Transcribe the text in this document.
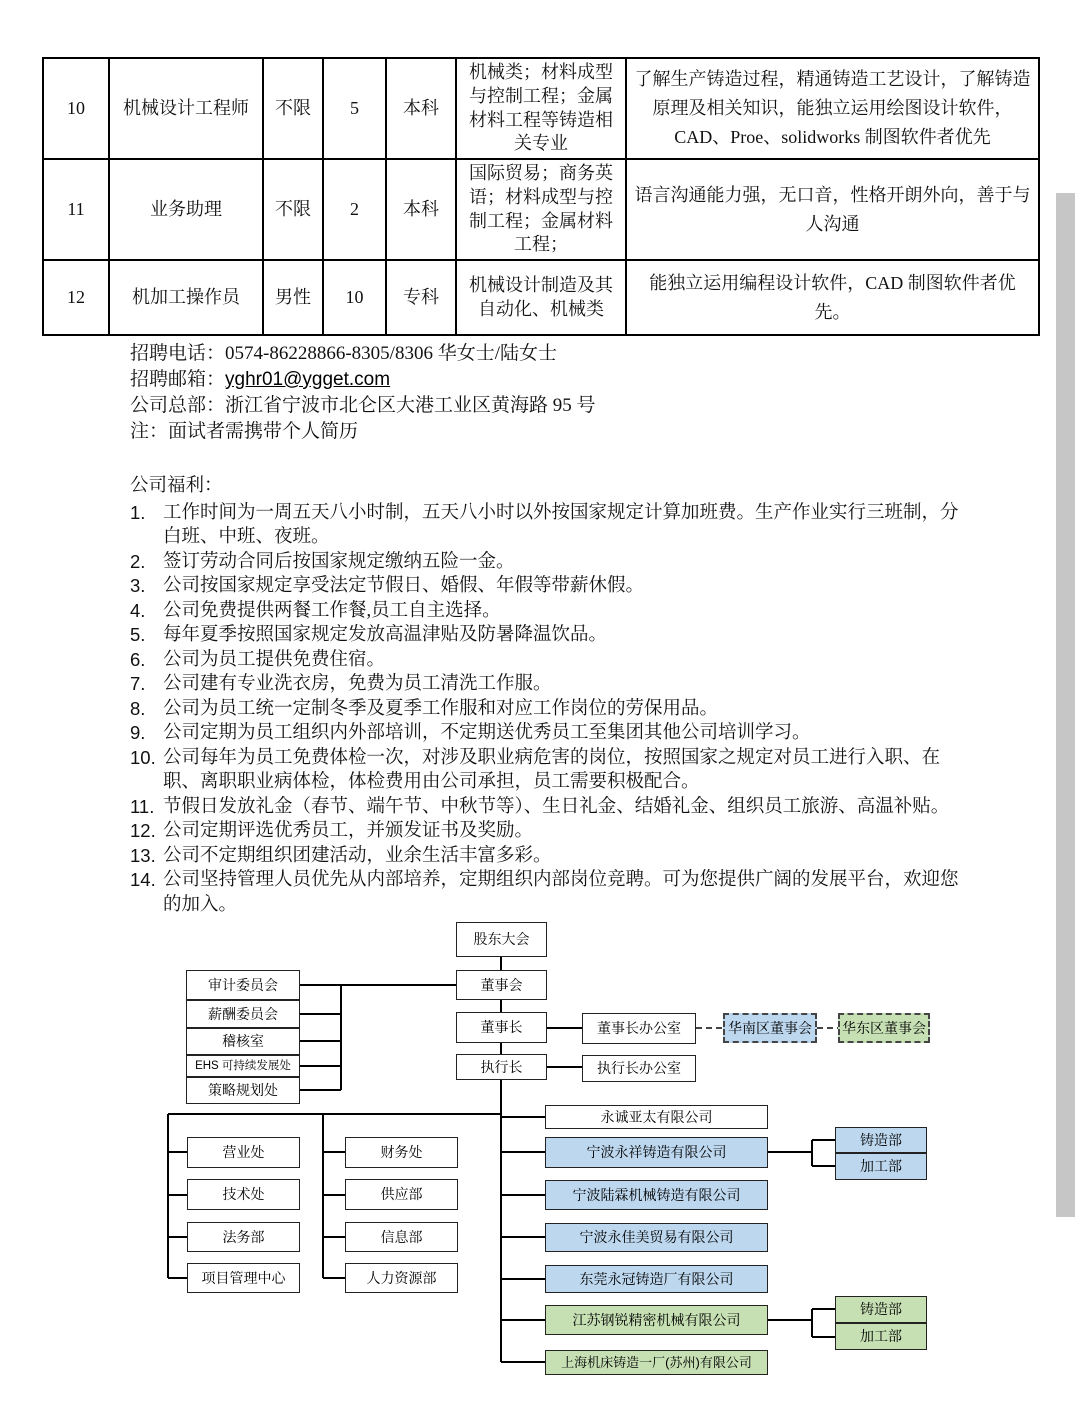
10	机械设计工程师	不限	5	本科	机械类；材料成型与控制工程；金属材料工程等铸造相关专业	了解生产铸造过程，精通铸造工艺设计，了解铸造原理及相关知识，能独立运用绘图设计软件，CAD、Proe、solidworks 制图软件者优先
11	业务助理	不限	2	本科	国际贸易；商务英语；材料成型与控制工程；金属材料工程；	语言沟通能力强，无口音，性格开朗外向，善于与人沟通
12	机加工操作员	男性	10	专科	机械设计制造及其自动化、机械类	能独立运用编程设计软件，CAD 制图软件者优先。
招聘电话：0574-86228866-8305/8306 华女士/陆女士
招聘邮箱：yghr01@ygget.com
公司总部：浙江省宁波市北仑区大港工业区黄海路 95 号
注：面试者需携带个人简历
公司福利：
1. 工作时间为一周五天八小时制，五天八小时以外按国家规定计算加班费。生产作业实行三班制，分白班、中班、夜班。
2. 签订劳动合同后按国家规定缴纳五险一金。
3. 公司按国家规定享受法定节假日、婚假、年假等带薪休假。
4. 公司免费提供两餐工作餐,员工自主选择。
5. 每年夏季按照国家规定发放高温津贴及防暑降温饮品。
6. 公司为员工提供免费住宿。
7. 公司建有专业洗衣房，免费为员工清洗工作服。
8. 公司为员工统一定制冬季及夏季工作服和对应工作岗位的劳保用品。
9. 公司定期为员工组织内外部培训，不定期送优秀员工至集团其他公司培训学习。
10. 公司每年为员工免费体检一次，对涉及职业病危害的岗位，按照国家之规定对员工进行入职、在职、离职职业病体检，体检费用由公司承担，员工需要积极配合。
11. 节假日发放礼金（春节、端午节、中秋节等）、生日礼金、结婚礼金、组织员工旅游、高温补贴。
12. 公司定期评选优秀员工，并颁发证书及奖励。
13. 公司不定期组织团建活动，业余生活丰富多彩。
14. 公司坚持管理人员优先从内部培养，定期组织内部岗位竞聘。可为您提供广阔的发展平台，欢迎您的加入。
股东大会
董事会
董事长
执行长
审计委员会
薪酬委员会
稽核室
EHS 可持续发展处
策略规划处
董事长办公室
执行长办公室
华南区董事会	华东区董事会
营业处
技术处
法务部
项目管理中心
财务处
供应部
信息部
人力资源部
永诚亚太有限公司
宁波永祥铸造有限公司
宁波陆霖机械铸造有限公司
宁波永佳美贸易有限公司
东莞永冠铸造厂有限公司
江苏钢锐精密机械有限公司
上海机床铸造一厂(苏州)有限公司
铸造部
加工部
铸造部
加工部
